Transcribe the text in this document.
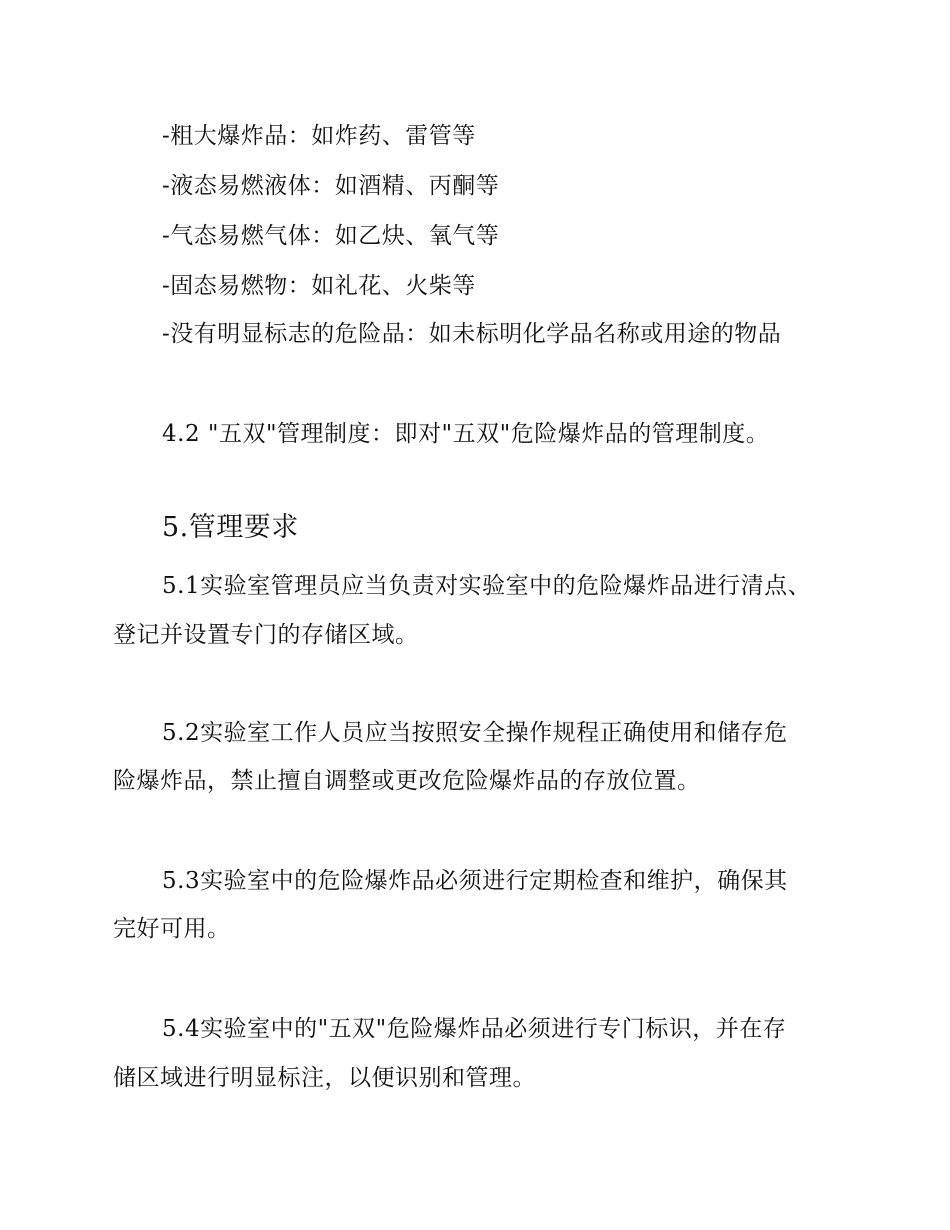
-粗大爆炸品：如炸药、雷管等
-液态易燃液体：如酒精、丙酮等
-气态易燃气体：如乙炔、氧气等
-固态易燃物：如礼花、火柴等
-没有明显标志的危险品：如未标明化学品名称或用途的物品
4.2 "五双"管理制度：即对"五双"危险爆炸品的管理制度。
5.管理要求
5.1实验室管理员应当负责对实验室中的危险爆炸品进行清点、
登记并设置专门的存储区域。
5.2实验室工作人员应当按照安全操作规程正确使用和储存危
险爆炸品，禁止擅自调整或更改危险爆炸品的存放位置。
5.3实验室中的危险爆炸品必须进行定期检查和维护，确保其
完好可用。
5.4实验室中的"五双"危险爆炸品必须进行专门标识，并在存
储区域进行明显标注，以便识别和管理。
